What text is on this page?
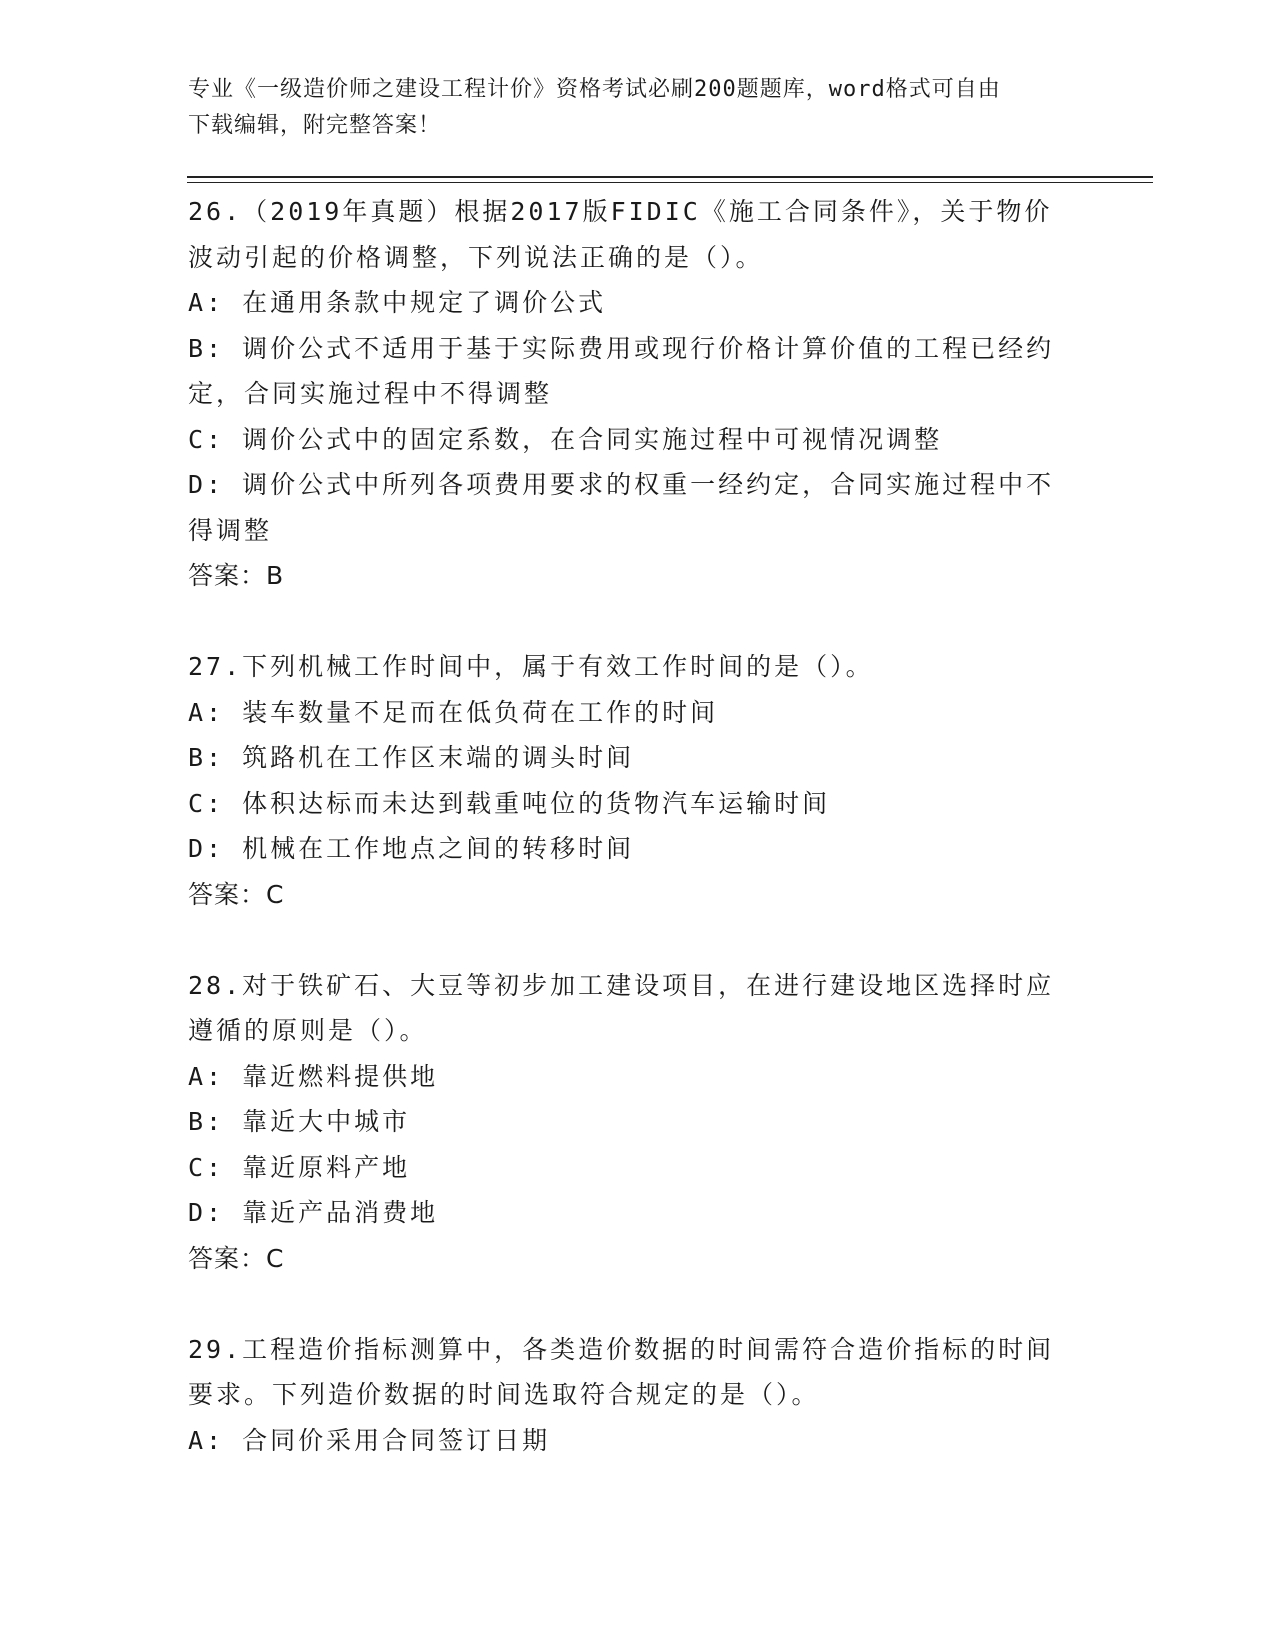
专业《一级造价师之建设工程计价》资格考试必刷200题题库，word格式可自由
下载编辑，附完整答案！
26.（2019年真题）根据2017版FIDIC《施工合同条件》，关于物价
波动引起的价格调整，下列说法正确的是（）。
A: 在通用条款中规定了调价公式
B: 调价公式不适用于基于实际费用或现行价格计算价值的工程已经约
定，合同实施过程中不得调整
C: 调价公式中的固定系数，在合同实施过程中可视情况调整
D: 调价公式中所列各项费用要求的权重一经约定，合同实施过程中不
得调整
答案：B
27.下列机械工作时间中，属于有效工作时间的是（）。
A: 装车数量不足而在低负荷在工作的时间
B: 筑路机在工作区末端的调头时间
C: 体积达标而未达到载重吨位的货物汽车运输时间
D: 机械在工作地点之间的转移时间
答案：C
28.对于铁矿石、大豆等初步加工建设项目，在进行建设地区选择时应
遵循的原则是（）。
A: 靠近燃料提供地
B: 靠近大中城市
C: 靠近原料产地
D: 靠近产品消费地
答案：C
29.工程造价指标测算中，各类造价数据的时间需符合造价指标的时间
要求。下列造价数据的时间选取符合规定的是（）。
A: 合同价采用合同签订日期
